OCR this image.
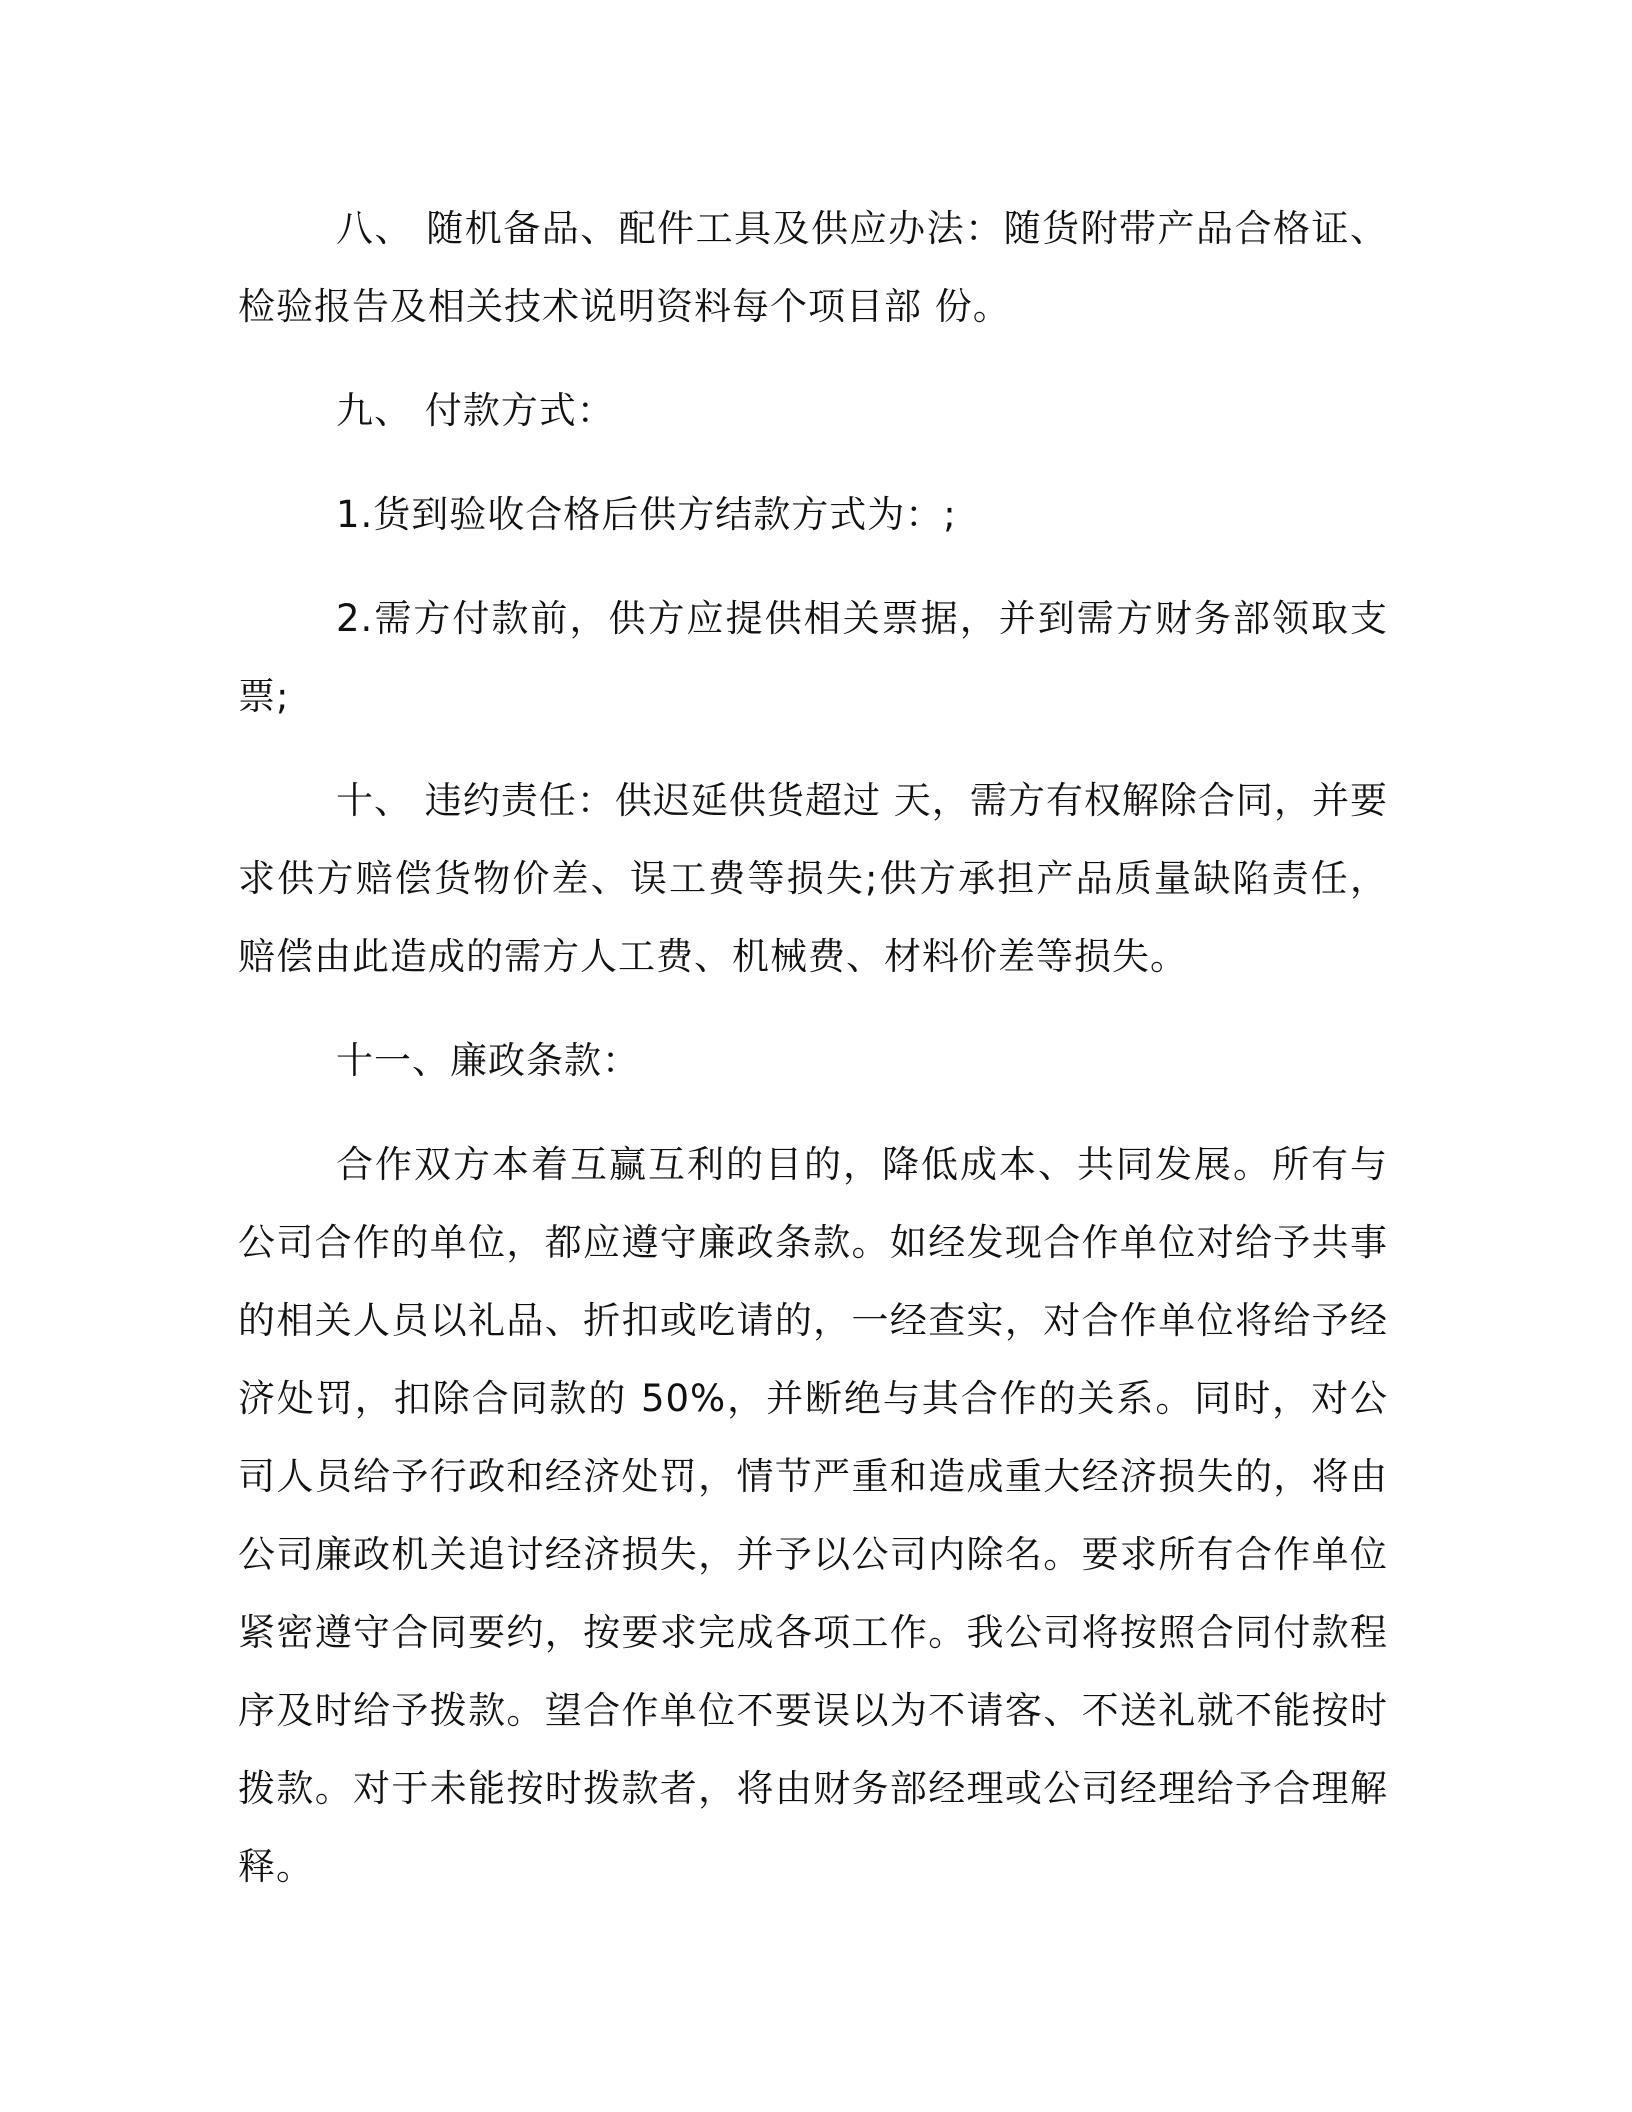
八、 随机备品、配件工具及供应办法：随货附带产品合格证、检验报告及相关技术说明资料每个项目部 份。

九、 付款方式：

1.货到验收合格后供方结款方式为：;

2.需方付款前，供方应提供相关票据，并到需方财务部领取支票;

十、 违约责任：供迟延供货超过 天，需方有权解除合同，并要求供方赔偿货物价差、误工费等损失;供方承担产品质量缺陷责任，赔偿由此造成的需方人工费、机械费、材料价差等损失。

十一、廉政条款：

合作双方本着互赢互利的目的，降低成本、共同发展。所有与公司合作的单位，都应遵守廉政条款。如经发现合作单位对给予共事的相关人员以礼品、折扣或吃请的，一经查实，对合作单位将给予经济处罚，扣除合同款的 50%，并断绝与其合作的关系。同时，对公司人员给予行政和经济处罚，情节严重和造成重大经济损失的，将由公司廉政机关追讨经济损失，并予以公司内除名。要求所有合作单位紧密遵守合同要约，按要求完成各项工作。我公司将按照合同付款程序及时给予拨款。望合作单位不要误以为不请客、不送礼就不能按时拨款。对于未能按时拨款者，将由财务部经理或公司经理给予合理解释。
